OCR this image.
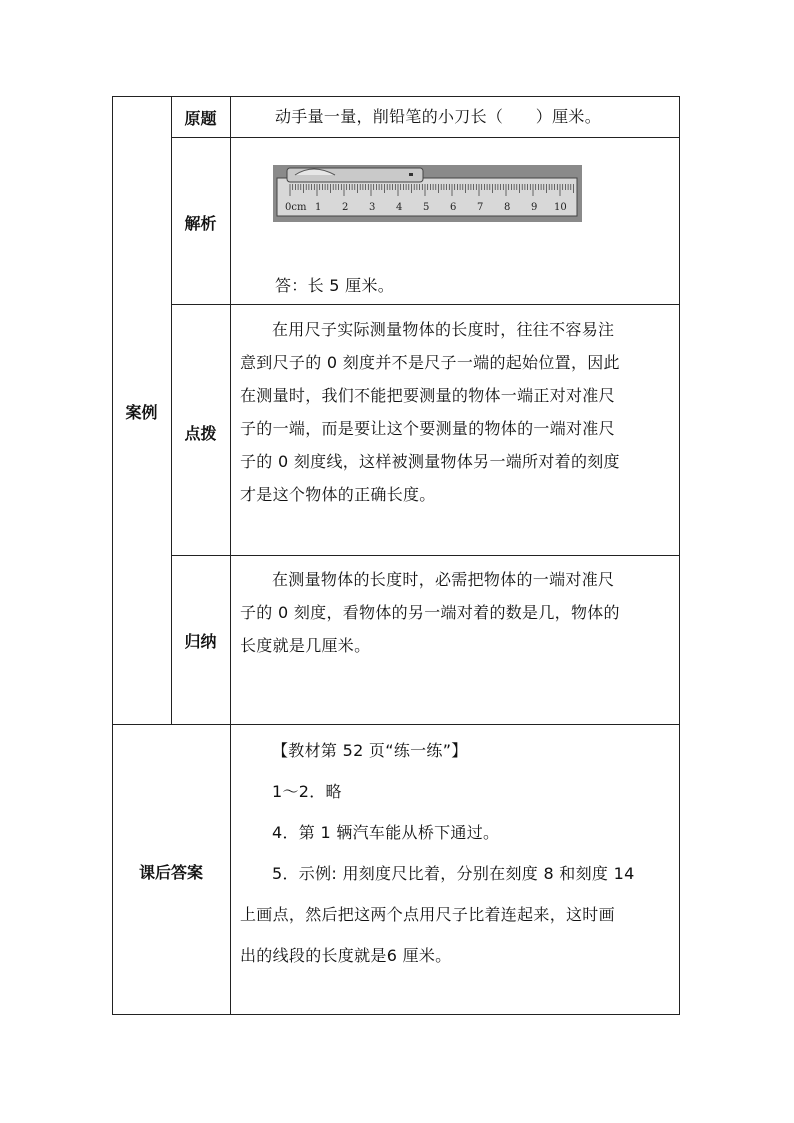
案例
课后答案
原题
解析
点拨
归纳
动手量一量，削铅笔的小刀长（　　）厘米。
0cm 1 2 3 4 5 6 7 8 9 10
答：长 5 厘米。

在用尺子实际测量物体的长度时，往往不容易注

意到尺子的 0 刻度并不是尺子一端的起始位置，因此

在测量时，我们不能把要测量的物体一端正对对准尺

子的一端，而是要让这个要测量的物体的一端对准尺

子的 0 刻度线，这样被测量物体另一端所对着的刻度

才是这个物体的正确长度。

在测量物体的长度时，必需把物体的一端对准尺

子的 0 刻度，看物体的另一端对着的数是几，物体的

长度就是几厘米。

【教材第 52 页“练一练”】

1～2．略

4．第 1 辆汽车能从桥下通过。

5．示例: 用刻度尺比着，分别在刻度 8 和刻度 14

上画点，然后把这两个点用尺子比着连起来，这时画

出的线段的长度就是6 厘米。
